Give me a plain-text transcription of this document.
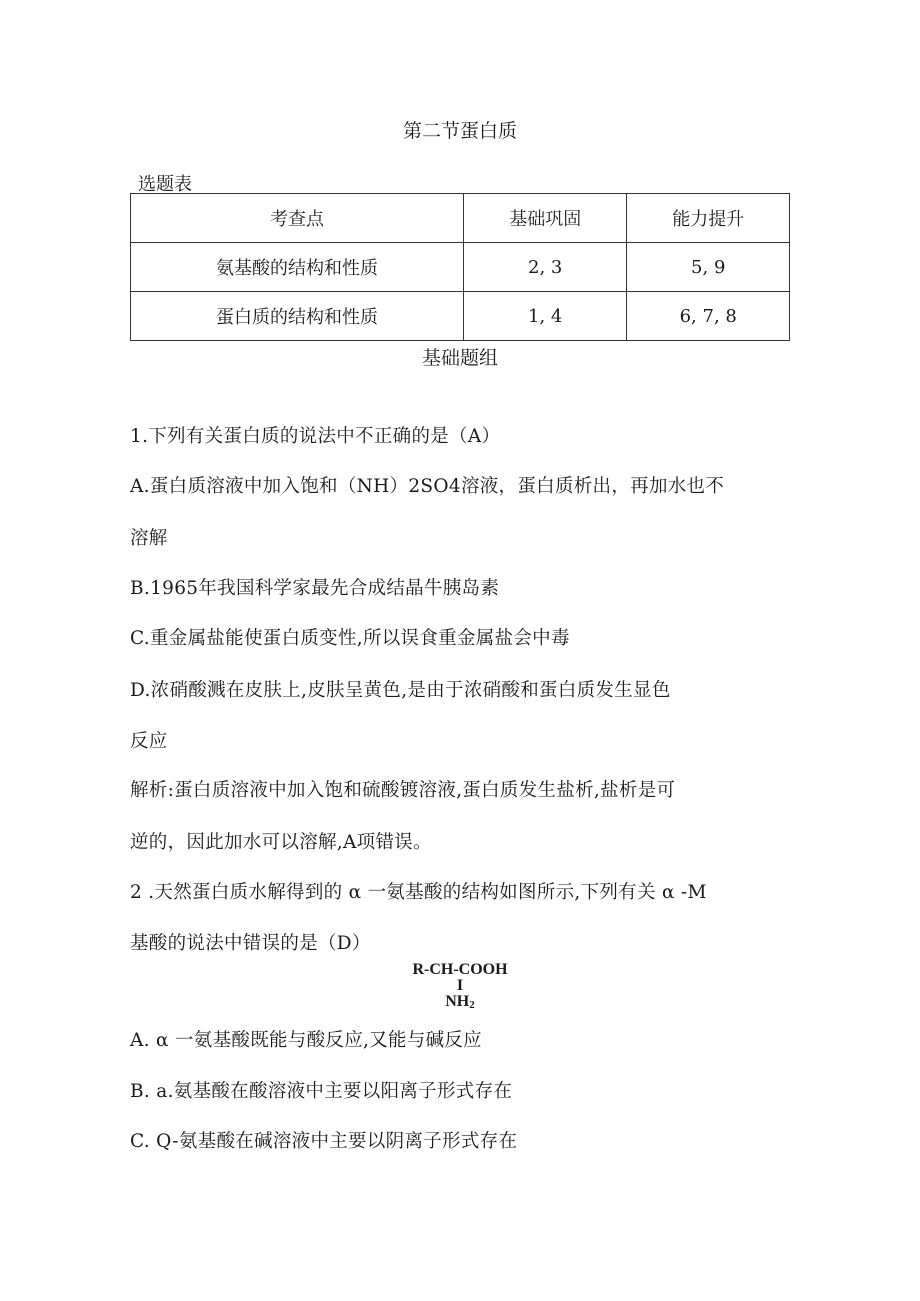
第二节蛋白质
选题表
考查点	基础巩固	能力提升
氨基酸的结构和性质	2, 3	5, 9
蛋白质的结构和性质	1, 4	6, 7, 8
基础题组
1.下列有关蛋白质的说法中不正确的是（A）
A.蛋白质溶液中加入饱和（NH）2SO4溶液，蛋白质析出，再加水也不
溶解
B.1965年我国科学家最先合成结晶牛胰岛素
C.重金属盐能使蛋白质变性,所以误食重金属盐会中毒
D.浓硝酸溅在皮肤上,皮肤呈黄色,是由于浓硝酸和蛋白质发生显色
反应
解析:蛋白质溶液中加入饱和硫酸镀溶液,蛋白质发生盐析,盐析是可
逆的，因此加水可以溶解,A项错误。
2 .天然蛋白质水解得到的 α 一氨基酸的结构如图所示,下列有关 α -M
基酸的说法中错误的是（D）
R-CH-COOH
I
$NH_2$
A. α 一氨基酸既能与酸反应,又能与碱反应
B. a.氨基酸在酸溶液中主要以阳离子形式存在
C. Q-氨基酸在碱溶液中主要以阴离子形式存在
